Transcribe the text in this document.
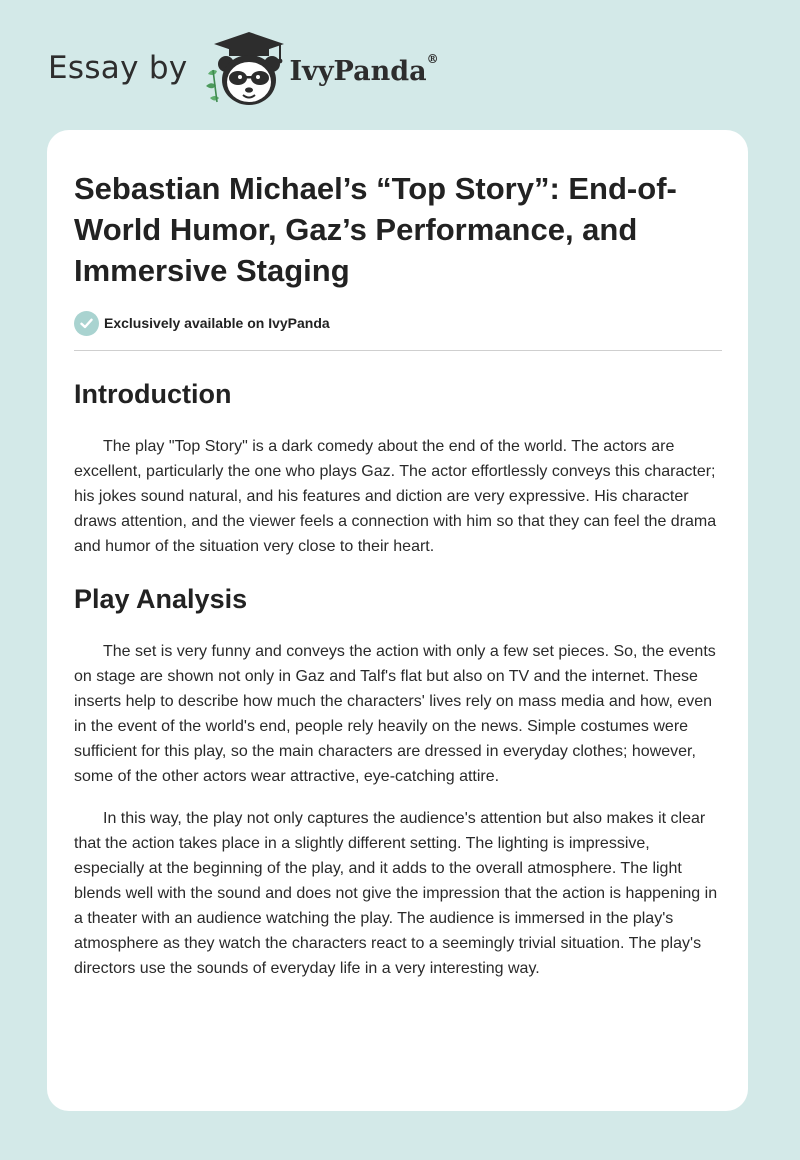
Essay by	IvyPanda®
Sebastian Michael’s “Top Story”: End-of-World Humor, Gaz’s Performance, and Immersive Staging
Exclusively available on IvyPanda
Introduction

The play "Top Story" is a dark comedy about the end of the world. The actors are excellent, particularly the one who plays Gaz. The actor effortlessly conveys this character; his jokes sound natural, and his features and diction are very expressive. His character draws attention, and the viewer feels a connection with him so that they can feel the drama and humor of the situation very close to their heart.

Play Analysis

The set is very funny and conveys the action with only a few set pieces. So, the events on stage are shown not only in Gaz and Talf's flat but also on TV and the internet. These inserts help to describe how much the characters' lives rely on mass media and how, even in the event of the world's end, people rely heavily on the news. Simple costumes were sufficient for this play, so the main characters are dressed in everyday clothes; however, some of the other actors wear attractive, eye-catching attire.

In this way, the play not only captures the audience's attention but also makes it clear that the action takes place in a slightly different setting. The lighting is impressive, especially at the beginning of the play, and it adds to the overall atmosphere. The light blends well with the sound and does not give the impression that the action is happening in a theater with an audience watching the play. The audience is immersed in the play's atmosphere as they watch the characters react to a seemingly trivial situation. The play's directors use the sounds of everyday life in a very interesting way.
